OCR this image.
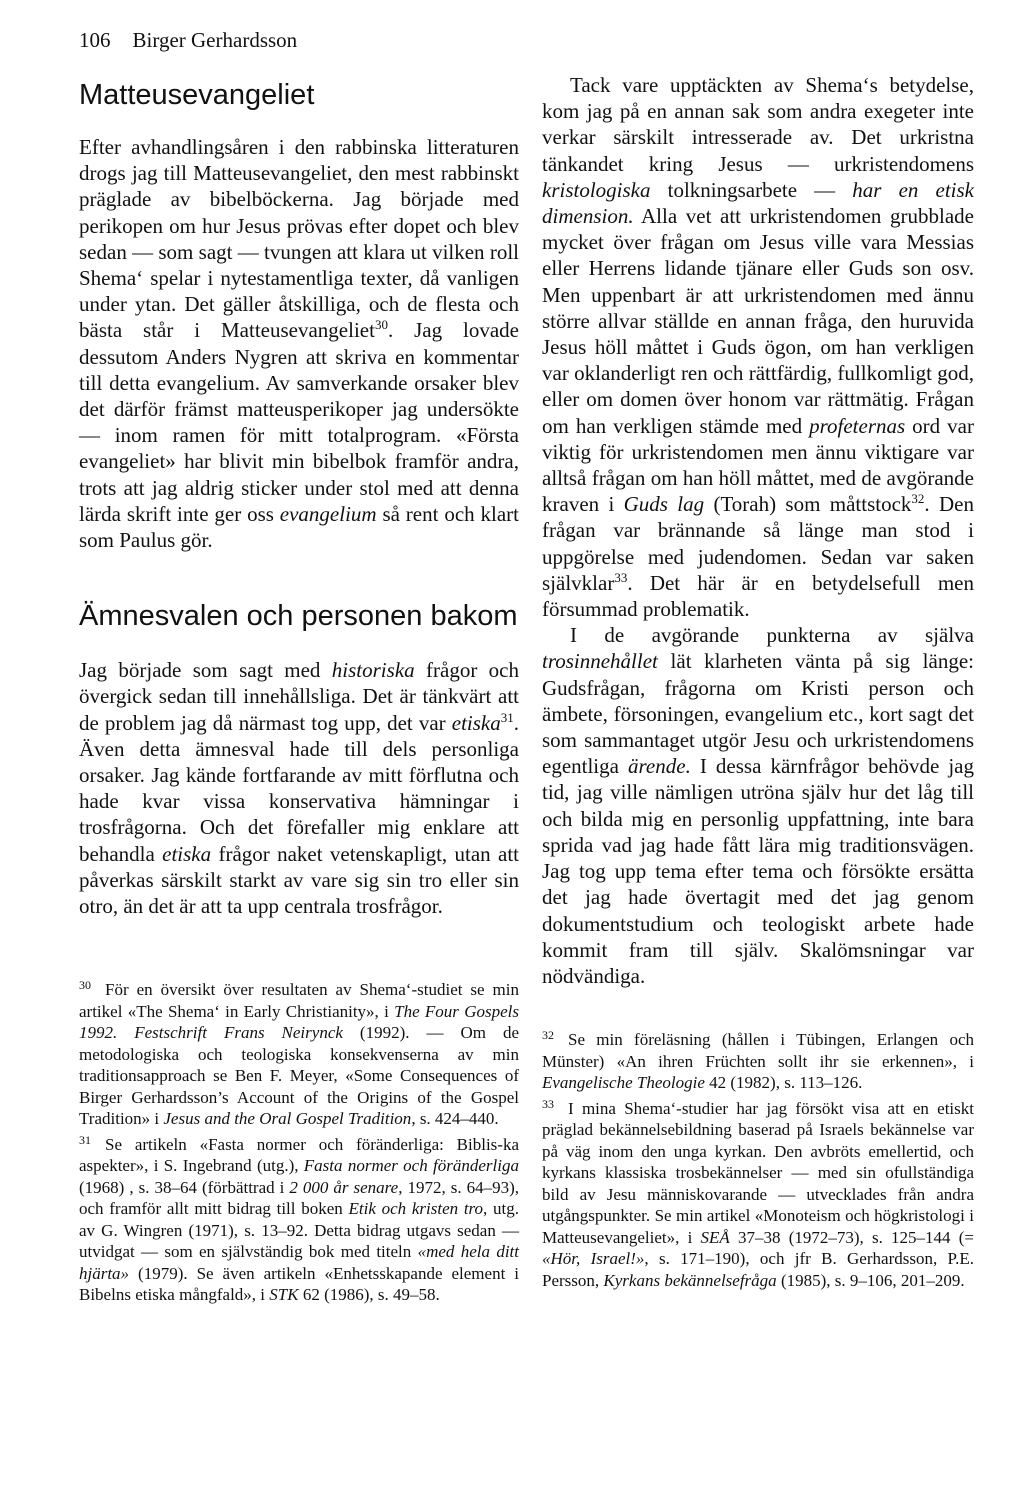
106 Birger Gerhardsson
Matteusevangeliet

Efter avhandlingsåren i den rabbinska litteraturen drogs jag till Matteusevangeliet, den mest rabbinskt präglade av bibelböckerna. Jag började med perikopen om hur Jesus prövas efter dopet och blev sedan — som sagt — tvungen att klara ut vilken roll Shema‘ spelar i nytestamentliga texter, då vanligen under ytan. Det gäller åtskilliga, och de flesta och bästa står i Matteusevangeliet$^{30}$. Jag lovade dessutom Anders Nygren att skriva en kommentar till detta evangelium. Av samverkande orsaker blev det därför främst matteusperikoper jag undersökte — inom ramen för mitt totalprogram. «Första evangeliet» har blivit min bibelbok framför andra, trots att jag aldrig sticker under stol med att denna lärda skrift inte ger oss evangelium så rent och klart som Paulus gör.

Ämnesvalen och personen bakom

Jag började som sagt med historiska frågor och övergick sedan till innehållsliga. Det är tänkvärt att de problem jag då närmast tog upp, det var etiska$^{31}$. Även detta ämnesval hade till dels personliga orsaker. Jag kände fortfarande av mitt förflutna och hade kvar vissa konservativa hämningar i trosfrågorna. Och det förefaller mig enklare att behandla etiska frågor naket vetenskapligt, utan att påverkas särskilt starkt av vare sig sin tro eller sin otro, än det är att ta upp centrala trosfrågor.

$^{30}$ För en översikt över resultaten av Shema‘-studiet se min artikel «The Shema‘ in Early Christianity», i The Four Gospels 1992. Festschrift Frans Neirynck (1992). — Om de metodologiska och teologiska konsekvenserna av min traditionsapproach se Ben F. Meyer, «Some Consequences of Birger Gerhardsson’s Account of the Origins of the Gospel Tradition» i Jesus and the Oral Gospel Tradition, s. 424–440.

$^{31}$ Se artikeln «Fasta normer och föränderliga: Biblis-ka aspekter», i S. Ingebrand (utg.), Fasta normer och föränderliga (1968) , s. 38–64 (förbättrad i 2 000 år senare, 1972, s. 64–93), och framför allt mitt bidrag till boken Etik och kristen tro, utg. av G. Wingren (1971), s. 13–92. Detta bidrag utgavs sedan — utvidgat — som en självständig bok med titeln «med hela ditt hjärta» (1979). Se även artikeln «Enhetsskapande element i Bibelns etiska mångfald», i STK 62 (1986), s. 49–58.

Tack vare upptäckten av Shema‘s betydelse, kom jag på en annan sak som andra exegeter inte verkar särskilt intresserade av. Det urkristna tänkandet kring Jesus — urkristendomens kristologiska tolkningsarbete — har en etisk dimension. Alla vet att urkristendomen grubblade mycket över frågan om Jesus ville vara Messias eller Herrens lidande tjänare eller Guds son osv. Men uppenbart är att urkristendomen med ännu större allvar ställde en annan fråga, den huruvida Jesus höll måttet i Guds ögon, om han verkligen var oklanderligt ren och rättfärdig, fullkomligt god, eller om domen över honom var rättmätig. Frågan om han verkligen stämde med profeternas ord var viktig för urkristendomen men ännu viktigare var alltså frågan om han höll måttet, med de avgörande kraven i Guds lag (Torah) som måttstock$^{32}$. Den frågan var brännande så länge man stod i uppgörelse med judendomen. Sedan var saken självklar$^{33}$. Det här är en betydelsefull men försummad problematik.

I de avgörande punkterna av själva trosinnehållet lät klarheten vänta på sig länge: Gudsfrågan, frågorna om Kristi person och ämbete, försoningen, evangelium etc., kort sagt det som sammantaget utgör Jesu och urkristendomens egentliga ärende. I dessa kärnfrågor behövde jag tid, jag ville nämligen utröna själv hur det låg till och bilda mig en personlig uppfattning, inte bara sprida vad jag hade fått lära mig traditionsvägen. Jag tog upp tema efter tema och försökte ersätta det jag hade övertagit med det jag genom dokumentstudium och teologiskt arbete hade kommit fram till själv. Skalömsningar var nödvändiga.

$^{32}$ Se min föreläsning (hållen i Tübingen, Erlangen och Münster) «An ihren Früchten sollt ihr sie erkennen», i Evangelische Theologie 42 (1982), s. 113–126.

$^{33}$ I mina Shema‘-studier har jag försökt visa att en etiskt präglad bekännelsebildning baserad på Israels bekännelse var på väg inom den unga kyrkan. Den avbröts emellertid, och kyrkans klassiska trosbekännelser — med sin ofullständiga bild av Jesu människovarande — utvecklades från andra utgångspunkter. Se min artikel «Monoteism och högkristologi i Matteusevangeliet», i SEÅ 37–38 (1972–73), s. 125–144 (= «Hör, Israel!», s. 171–190), och jfr B. Gerhardsson, P.E. Persson, Kyrkans bekännelsefråga (1985), s. 9–106, 201–209.
